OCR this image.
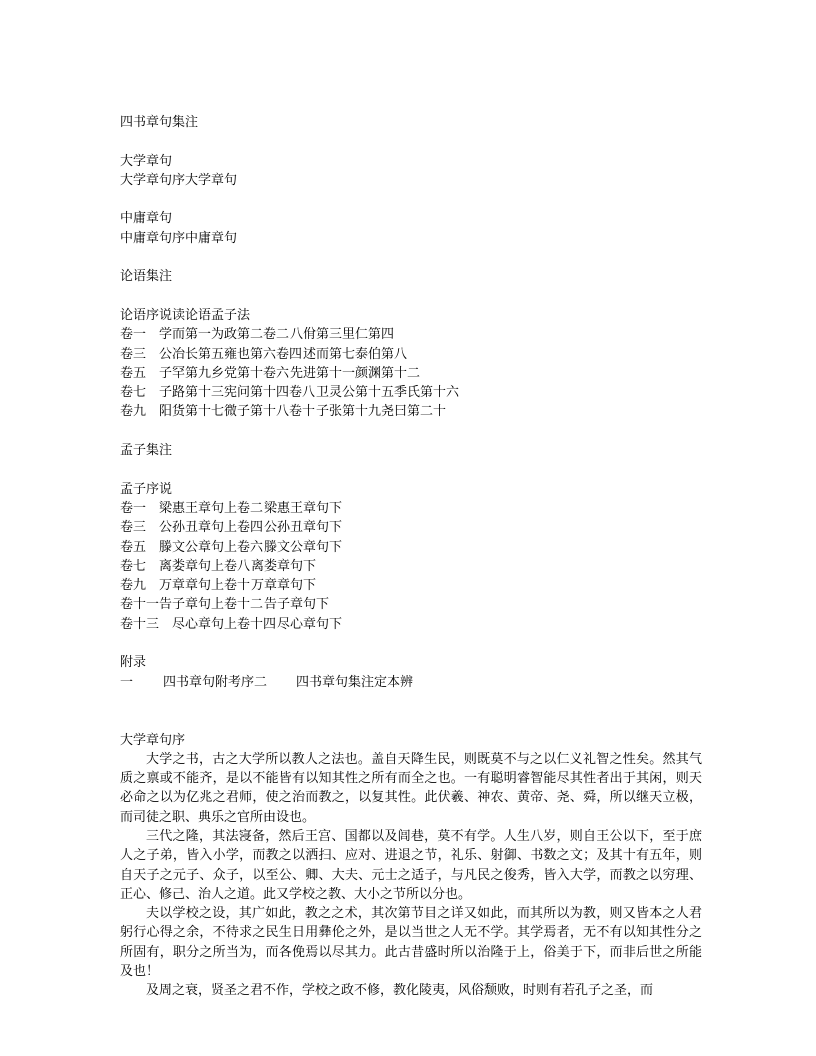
四书章句集注
大学章句
大学章句序大学章句
中庸章句
中庸章句序中庸章句
论语集注
论语序说读论语孟子法
卷一 学而第一为政第二 卷二 八佾第三里仁第四
卷三 公冶长第五雍也第六 卷四 述而第七泰伯第八
卷五 子罕第九乡党第十 卷六 先进第十一颜渊第十二
卷七 子路第十三宪问第十四 卷八 卫灵公第十五季氏第十六
卷九 阳货第十七微子第十八 卷十 子张第十九尧曰第二十
孟子集注
孟子序说
卷一 梁惠王章句上 卷二 梁惠王章句下
卷三 公孙丑章句上 卷四 公孙丑章句下
卷五 滕文公章句上 卷六 滕文公章句下
卷七 离娄章句上 卷八 离娄章句下
卷九 万章章句上 卷十 万章章句下
卷十一 告子章句上 卷十二 告子章句下
卷十三 尽心章句上 卷十四 尽心章句下
附录
一	四书章句附考序 二	四书章句集注定本辨
大学章句序

大学之书，古之大学所以教人之法也。盖自天降生民，则既莫不与之以仁义礼智之性矣。然其气质之禀或不能齐，是以不能皆有以知其性之所有而全之也。一有聪明睿智能尽其性者出于其闲，则天必命之以为亿兆之君师，使之治而教之，以复其性。此伏羲、神农、黄帝、尧、舜，所以继天立极，而司徒之职、典乐之官所由设也。

三代之隆，其法寖备，然后王宫、国都以及闾巷，莫不有学。人生八岁，则自王公以下，至于庶人之子弟，皆入小学，而教之以洒扫、应对、进退之节，礼乐、射御、书数之文；及其十有五年，则自天子之元子、众子，以至公、卿、大夫、元士之适子，与凡民之俊秀，皆入大学，而教之以穷理、正心、修己、治人之道。此又学校之教、大小之节所以分也。

夫以学校之设，其广如此，教之之术，其次第节目之详又如此，而其所以为教，则又皆本之人君躬行心得之余，不待求之民生日用彝伦之外，是以当世之人无不学。其学焉者，无不有以知其性分之所固有，职分之所当为，而各俛焉以尽其力。此古昔盛时所以治隆于上，俗美于下，而非后世之所能及也！

及周之衰，贤圣之君不作，学校之政不修，教化陵夷，风俗颓败，时则有若孔子之圣，而
